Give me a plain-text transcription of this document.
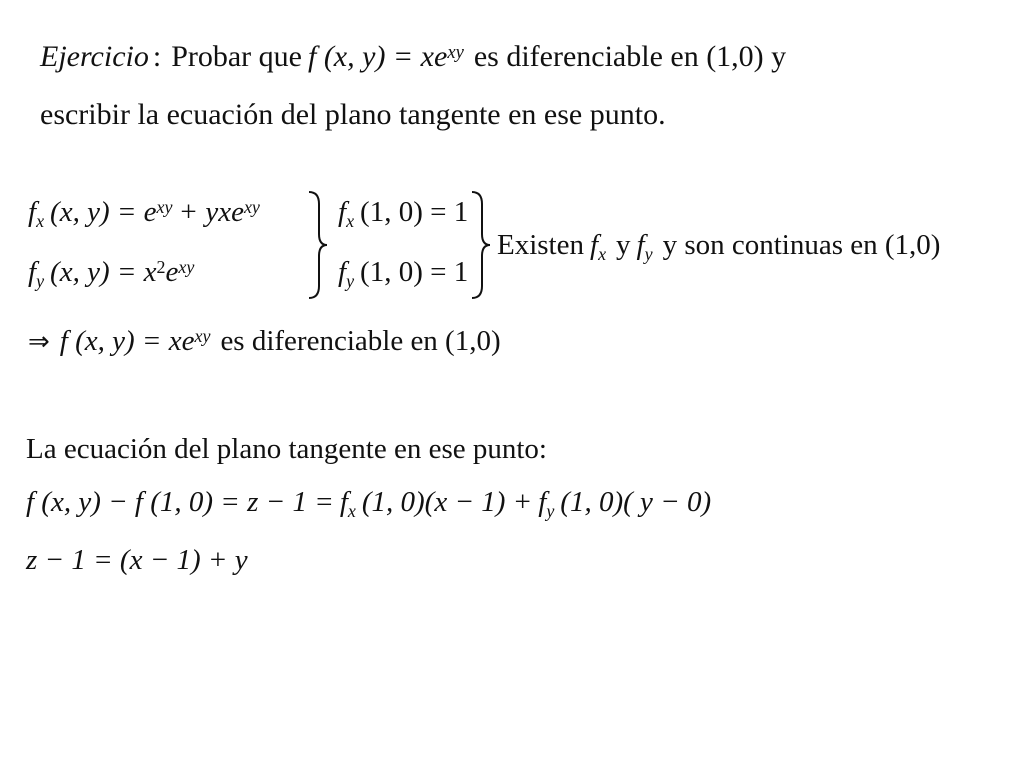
Ejercicio : Probar que f (x, $y) = xe^{xy}$ es diferenciable en (1,0) y
escribir la ecuación del plano tangente en ese punto.
$f_x$ (x, $y) = e^{xy} + yxe^{xy}$
$f_y$ (x, $y) = x^2e^{xy}$
$f_x$ (1, 0) = 1
$f_y$ (1, 0) = 1
Existen $f_x$ y $f_y$ y son continuas en (1,0)
⇒ f (x, $y) = xe^{xy}$ es diferenciable en (1,0)
La ecuación del plano tangente en ese punto:
f (x, y) − f (1, $0) = z - 1 = f_x$ (1, $0)(x - 1) + f_y$ (1, 0)( y − 0)
z − 1 = (x − 1) + y
